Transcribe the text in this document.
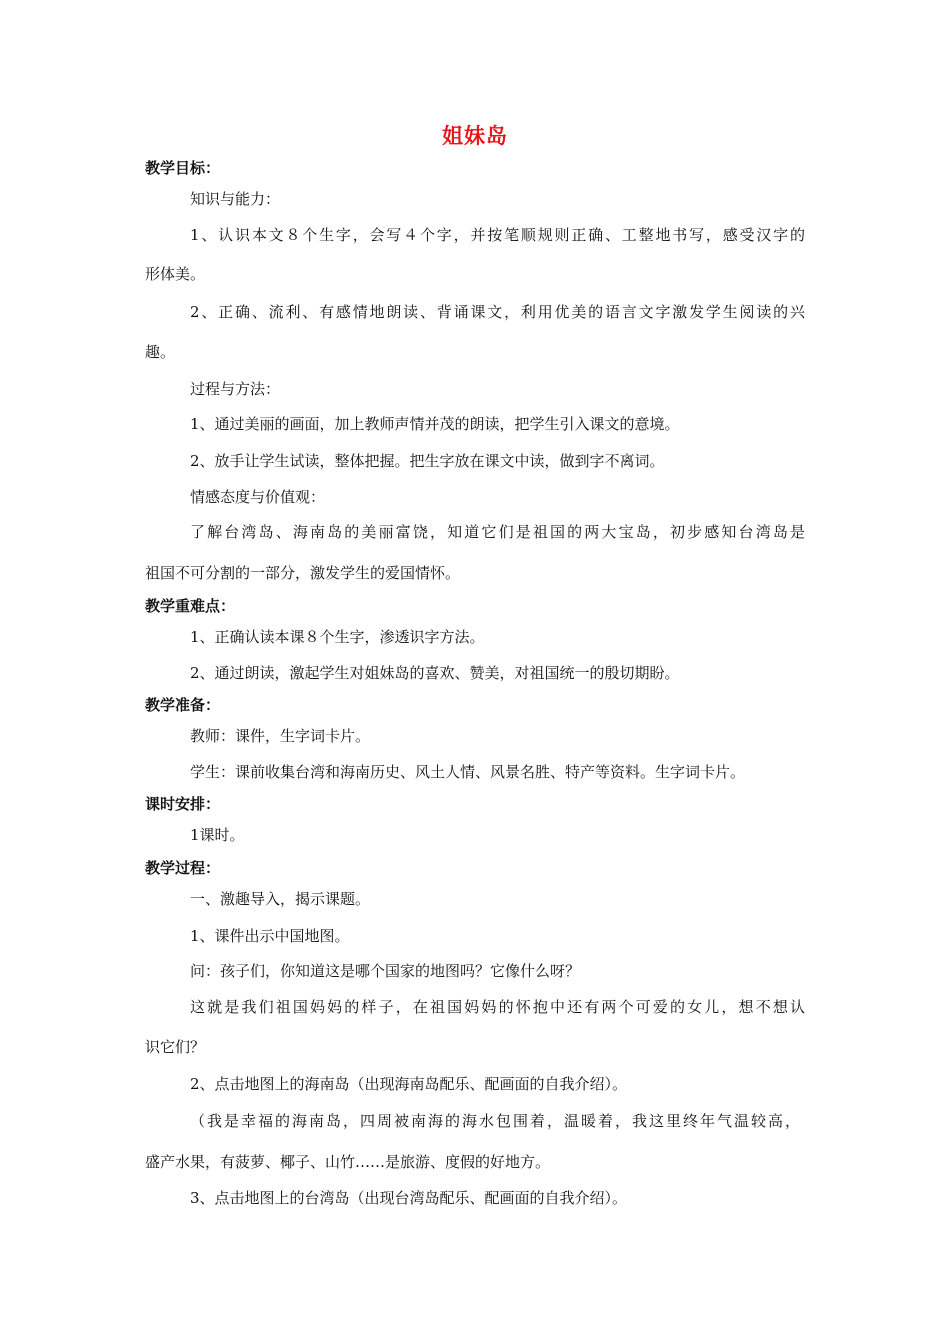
姐妹岛
教学目标：
知识与能力：
1、认识本文８个生字，会写４个字，并按笔顺规则正确、工整地书写，感受汉字的
形体美。
2、正确、流利、有感情地朗读、背诵课文，利用优美的语言文字激发学生阅读的兴
趣。
过程与方法：
1、通过美丽的画面，加上教师声情并茂的朗读，把学生引入课文的意境。
2、放手让学生试读，整体把握。把生字放在课文中读，做到字不离词。
情感态度与价值观：
了解台湾岛、海南岛的美丽富饶，知道它们是祖国的两大宝岛，初步感知台湾岛是
祖国不可分割的一部分，激发学生的爱国情怀。
教学重难点：
1、正确认读本课８个生字，渗透识字方法。
2、通过朗读，激起学生对姐妹岛的喜欢、赞美，对祖国统一的殷切期盼。
教学准备：
教师：课件，生字词卡片。
学生：课前收集台湾和海南历史、风土人情、风景名胜、特产等资料。生字词卡片。
课时安排：
1课时。
教学过程：
一、激趣导入，揭示课题。
1、课件出示中国地图。
问：孩子们，你知道这是哪个国家的地图吗？它像什么呀？
这就是我们祖国妈妈的样子，在祖国妈妈的怀抱中还有两个可爱的女儿，想不想认
识它们？
2、点击地图上的海南岛（出现海南岛配乐、配画面的自我介绍）。
（我是幸福的海南岛，四周被南海的海水包围着，温暖着，我这里终年气温较高，
盛产水果，有菠萝、椰子、山竹……是旅游、度假的好地方。
3、点击地图上的台湾岛（出现台湾岛配乐、配画面的自我介绍）。
